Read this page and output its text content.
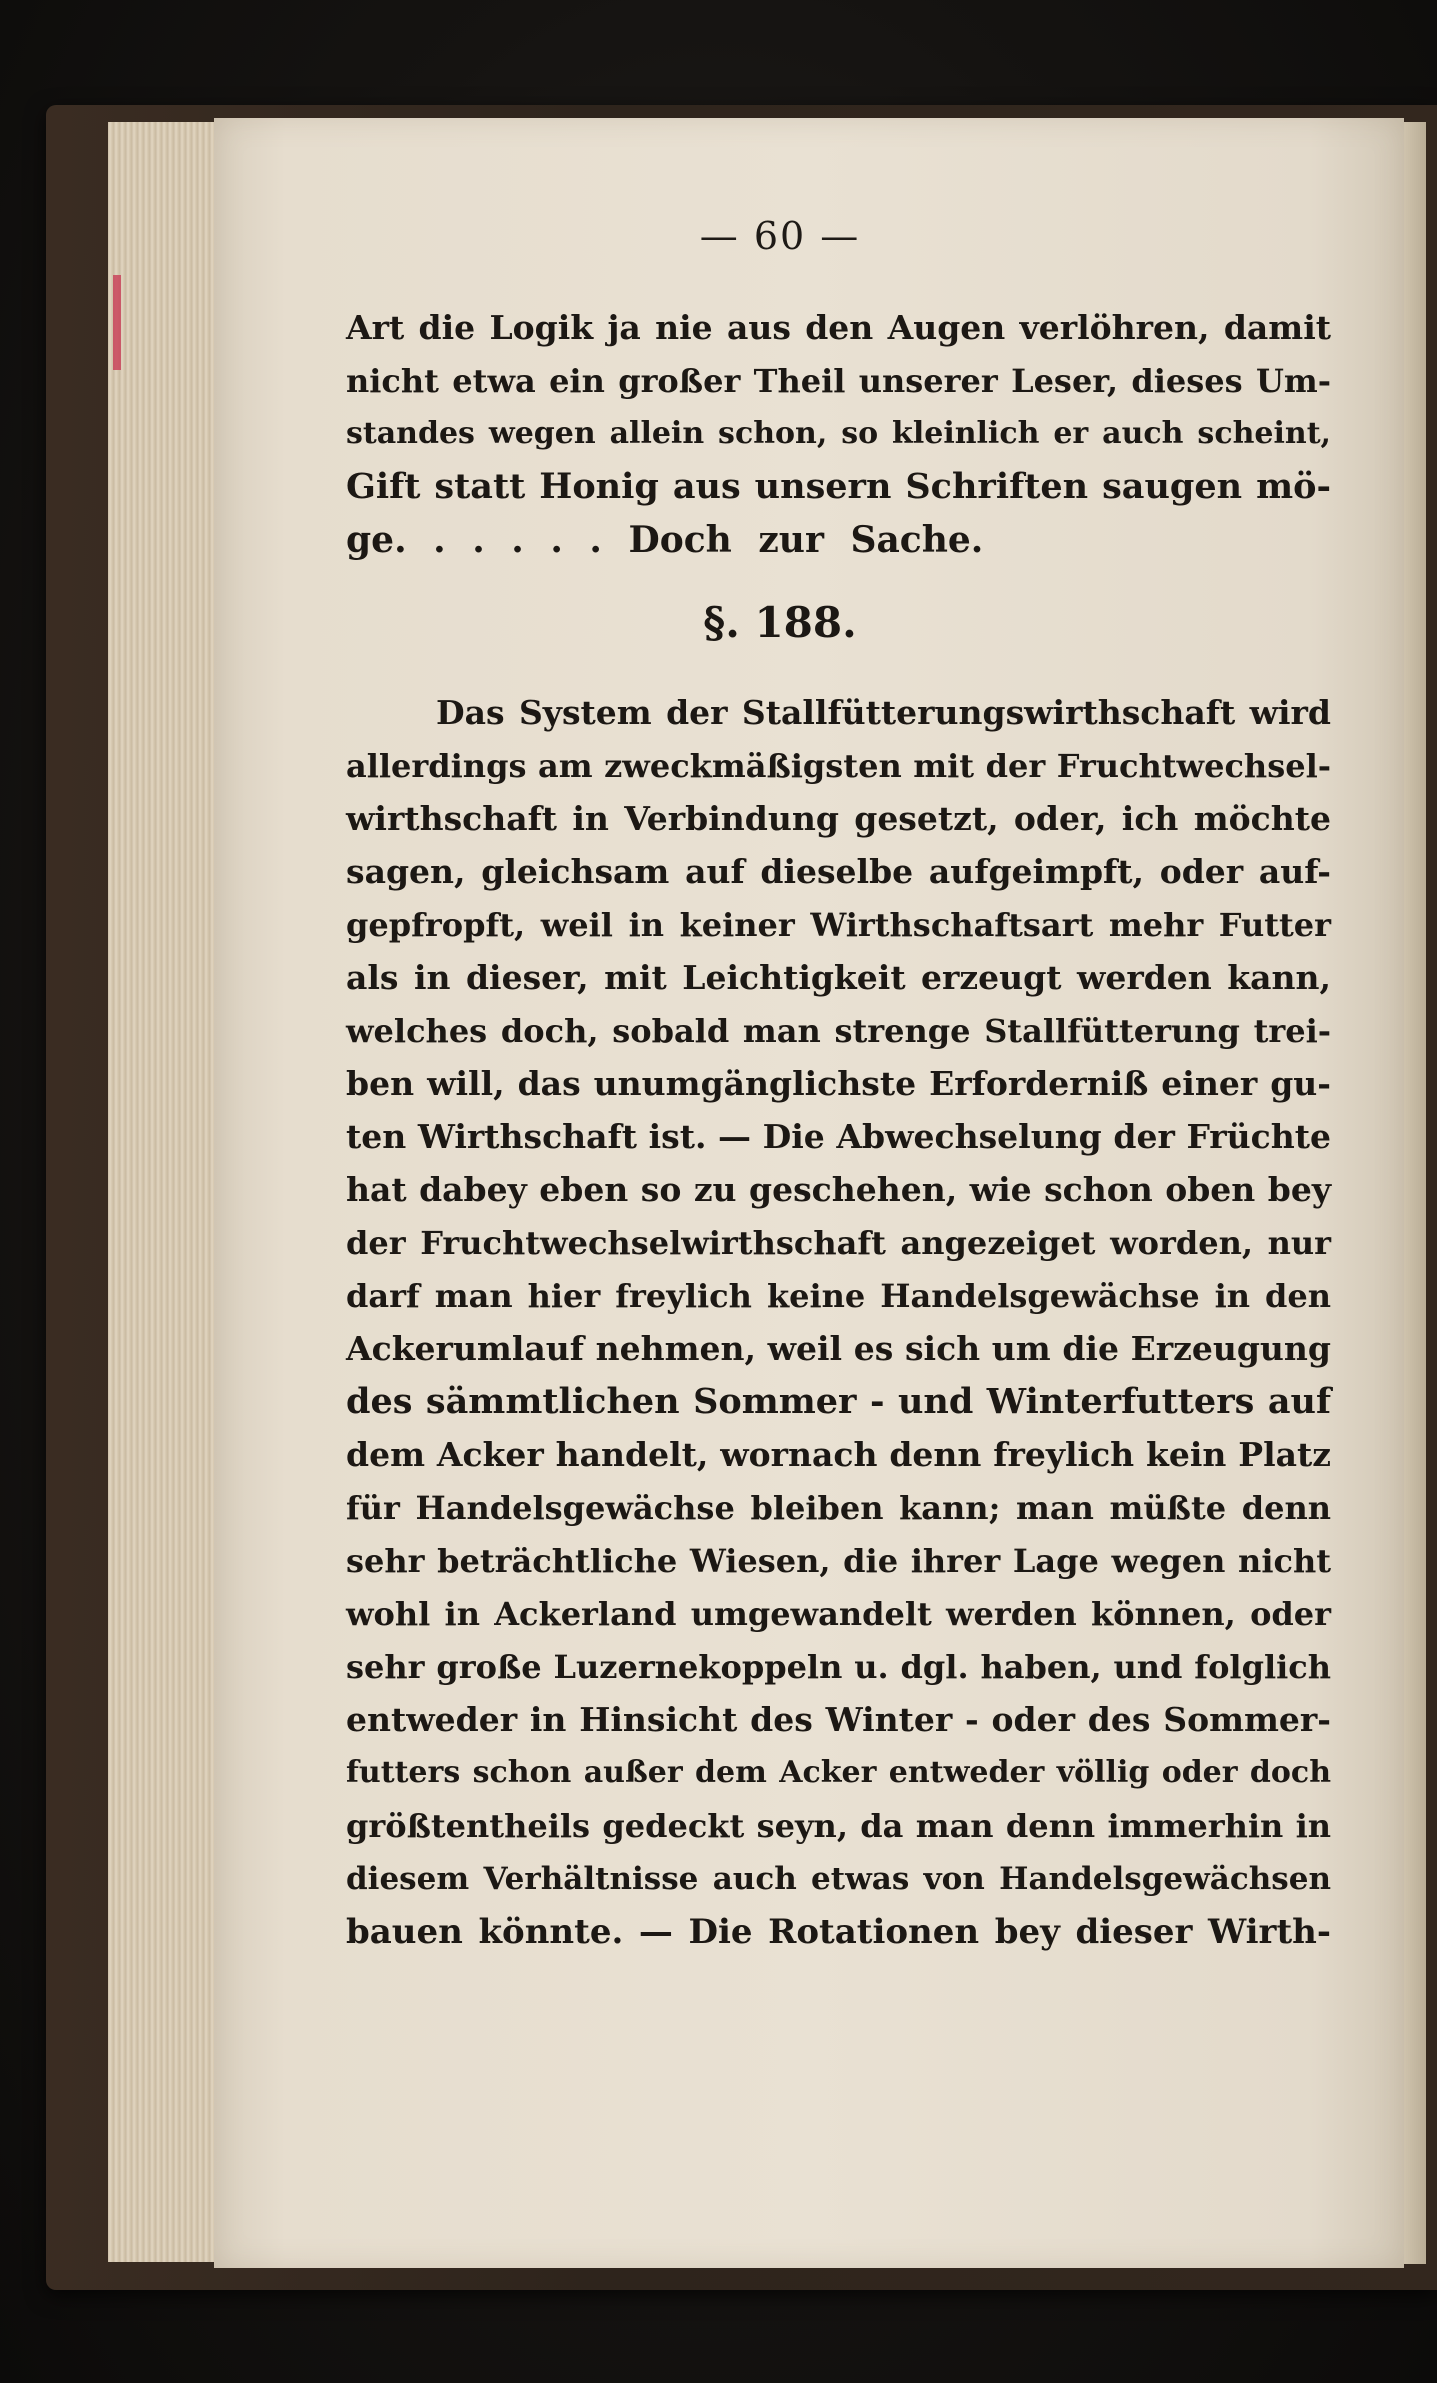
— 60 —
Art die Logik ja nie aus den Augen verlöhren, damit
nicht etwa ein großer Theil unserer Leser, dieses Um-
standes wegen allein schon, so kleinlich er auch scheint,
Gift statt Honig aus unsern Schriften saugen mö-
ge. . . . . . Doch zur Sache.
§. 188.
Das System der Stallfütterungswirthschaft wird
allerdings am zweckmäßigsten mit der Fruchtwechsel-
wirthschaft in Verbindung gesetzt, oder, ich möchte
sagen, gleichsam auf dieselbe aufgeimpft, oder auf-
gepfropft, weil in keiner Wirthschaftsart mehr Futter
als in dieser, mit Leichtigkeit erzeugt werden kann,
welches doch, sobald man strenge Stallfütterung trei-
ben will, das unumgänglichste Erforderniß einer gu-
ten Wirthschaft ist. — Die Abwechselung der Früchte
hat dabey eben so zu geschehen, wie schon oben bey
der Fruchtwechselwirthschaft angezeiget worden, nur
darf man hier freylich keine Handelsgewächse in den
Ackerumlauf nehmen, weil es sich um die Erzeugung
des sämmtlichen Sommer - und Winterfutters auf
dem Acker handelt, wornach denn freylich kein Platz
für Handelsgewächse bleiben kann; man müßte denn
sehr beträchtliche Wiesen, die ihrer Lage wegen nicht
wohl in Ackerland umgewandelt werden können, oder
sehr große Luzernekoppeln u. dgl. haben, und folglich
entweder in Hinsicht des Winter - oder des Sommer-
futters schon außer dem Acker entweder völlig oder doch
größtentheils gedeckt seyn, da man denn immerhin in
diesem Verhältnisse auch etwas von Handelsgewächsen
bauen könnte. — Die Rotationen bey dieser Wirth-
